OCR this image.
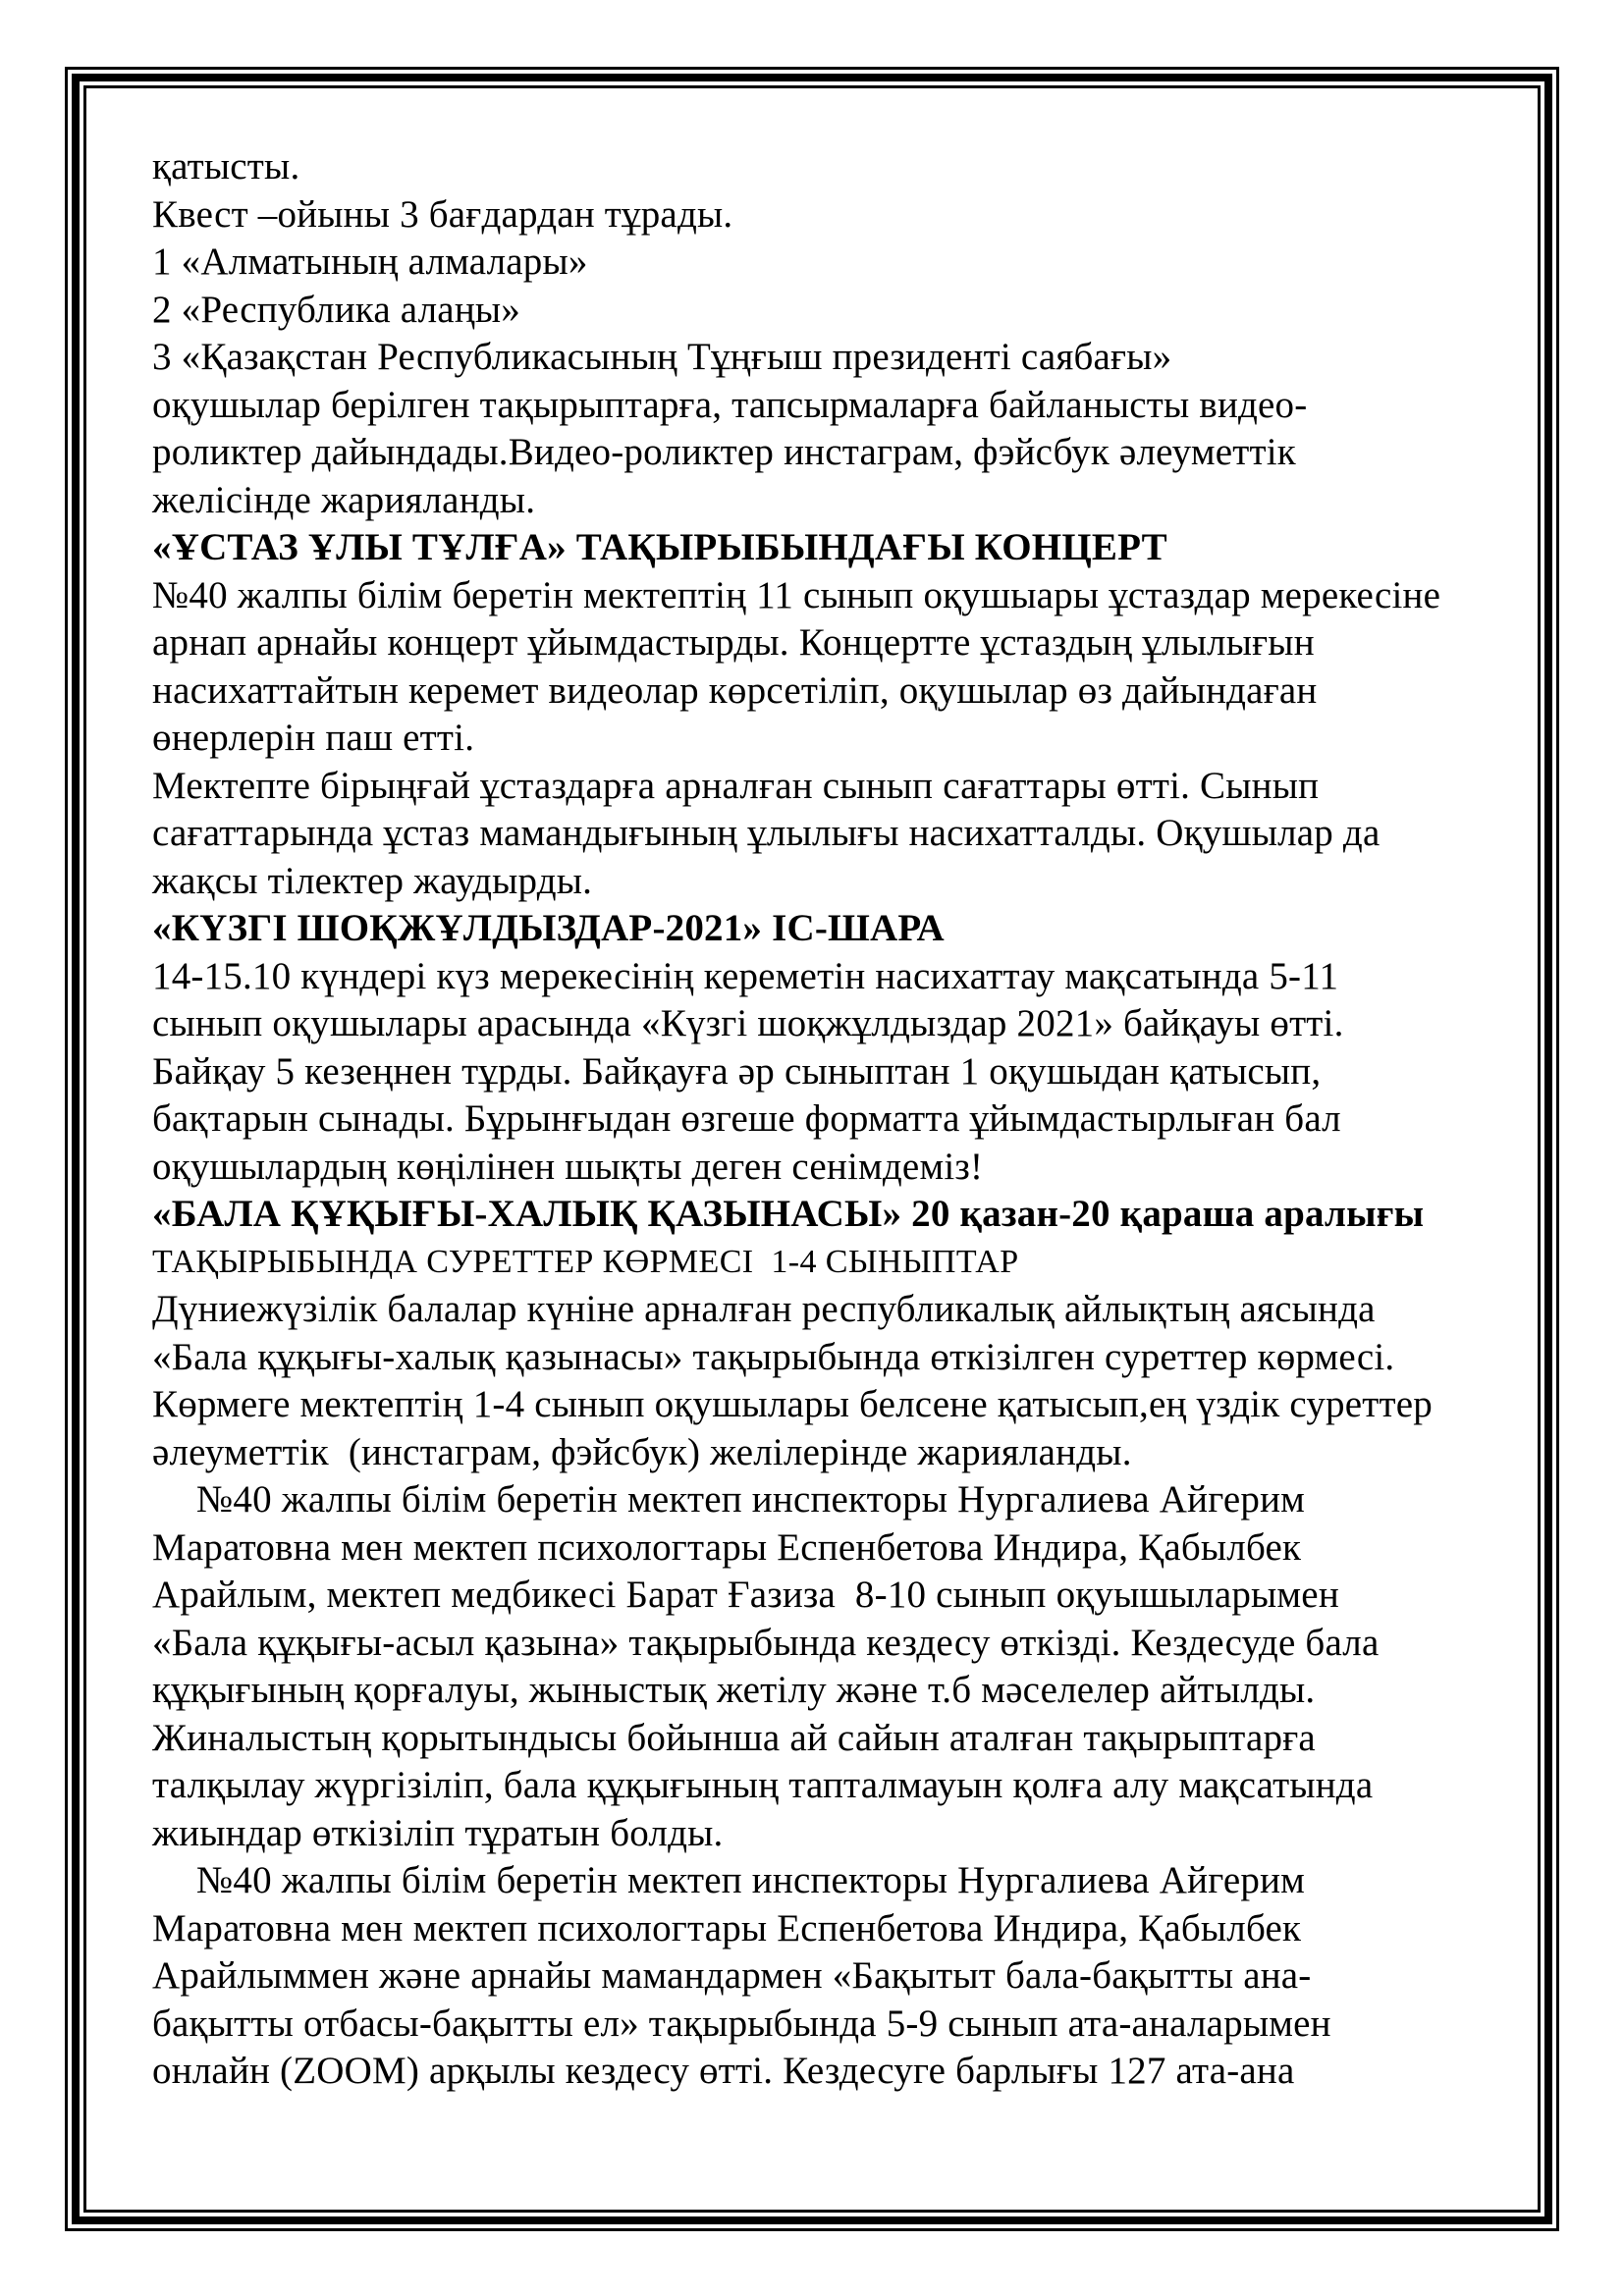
қатысты.

Квест –ойыны 3 бағдардан тұрады.

1 «Алматының алмалары»

2 «Республика алаңы»

3 «Қазақстан Республикасының Тұңғыш президенті саябағы»

оқушылар берілген тақырыптарға, тапсырмаларға байланысты видео-

роликтер дайындады.Видео-роликтер инстаграм, фэйсбук әлеуметтік

желісінде жарияланды.

«ҰСТАЗ ҰЛЫ ТҰЛҒА» ТАҚЫРЫБЫНДАҒЫ КОНЦЕРТ

№40 жалпы білім беретін мектептің 11 сынып оқушыары ұстаздар мерекесіне

арнап арнайы концерт ұйымдастырды. Концертте ұстаздың ұлылығын

насихаттайтын керемет видеолар көрсетіліп, оқушылар өз дайындаған

өнерлерін паш етті.

Мектепте бірыңғай ұстаздарға арналған сынып сағаттары өтті. Сынып

сағаттарында ұстаз мамандығының ұлылығы насихатталды. Оқушылар да

жақсы тілектер жаудырды.

«КҮЗГІ ШОҚЖҰЛДЫЗДАР-2021» ІС-ШАРА

14-15.10 күндері күз мерекесінің кереметін насихаттау мақсатында 5-11

сынып оқушылары арасында «Күзгі шоқжұлдыздар 2021» байқауы өтті.

Байқау 5 кезеңнен тұрды. Байқауға әр сыныптан 1 оқушыдан қатысып,

бақтарын сынады. Бұрынғыдан өзгеше форматта ұйымдастырлыған бал

оқушылардың көңілінен шықты деген сенімдеміз!

«БАЛА ҚҰҚЫҒЫ-ХАЛЫҚ ҚАЗЫНАСЫ» 20 қазан-20 қараша аралығы

ТАҚЫРЫБЫНДА СУРЕТТЕР КӨРМЕСІ  1-4 СЫНЫПТАР

Дүниежүзілік балалар күніне арналған республикалық айлықтың аясында

«Бала құқығы-халық қазынасы» тақырыбында өткізілген суреттер көрмесі.

Көрмеге мектептің 1-4 сынып оқушылары белсене қатысып,ең үздік суреттер

әлеуметтік  (инстаграм, фэйсбук) желілерінде жарияланды.

№40 жалпы білім беретін мектеп инспекторы Нургалиева Айгерим

Маратовна мен мектеп психологтары Еспенбетова Индира, Қабылбек

Арайлым, мектеп медбикесі Барат Ғазиза  8-10 сынып оқуышыларымен

«Бала құқығы-асыл қазына» тақырыбында кездесу өткізді. Кездесуде бала

құқығының қорғалуы, жыныстық жетілу және т.б мәселелер айтылды.

Жиналыстың қорытындысы бойынша ай сайын аталған тақырыптарға

талқылау жүргізіліп, бала құқығының тапталмауын қолға алу мақсатында

жиындар өткізіліп тұратын болды.

№40 жалпы білім беретін мектеп инспекторы Нургалиева Айгерим

Маратовна мен мектеп психологтары Еспенбетова Индира, Қабылбек

Арайлыммен және арнайы мамандармен «Бақытыт бала-бақытты ана-

бақытты отбасы-бақытты ел» тақырыбында 5-9 сынып ата-аналарымен

онлайн (ZOOM) арқылы кездесу өтті. Кездесуге барлығы 127 ата-ана
